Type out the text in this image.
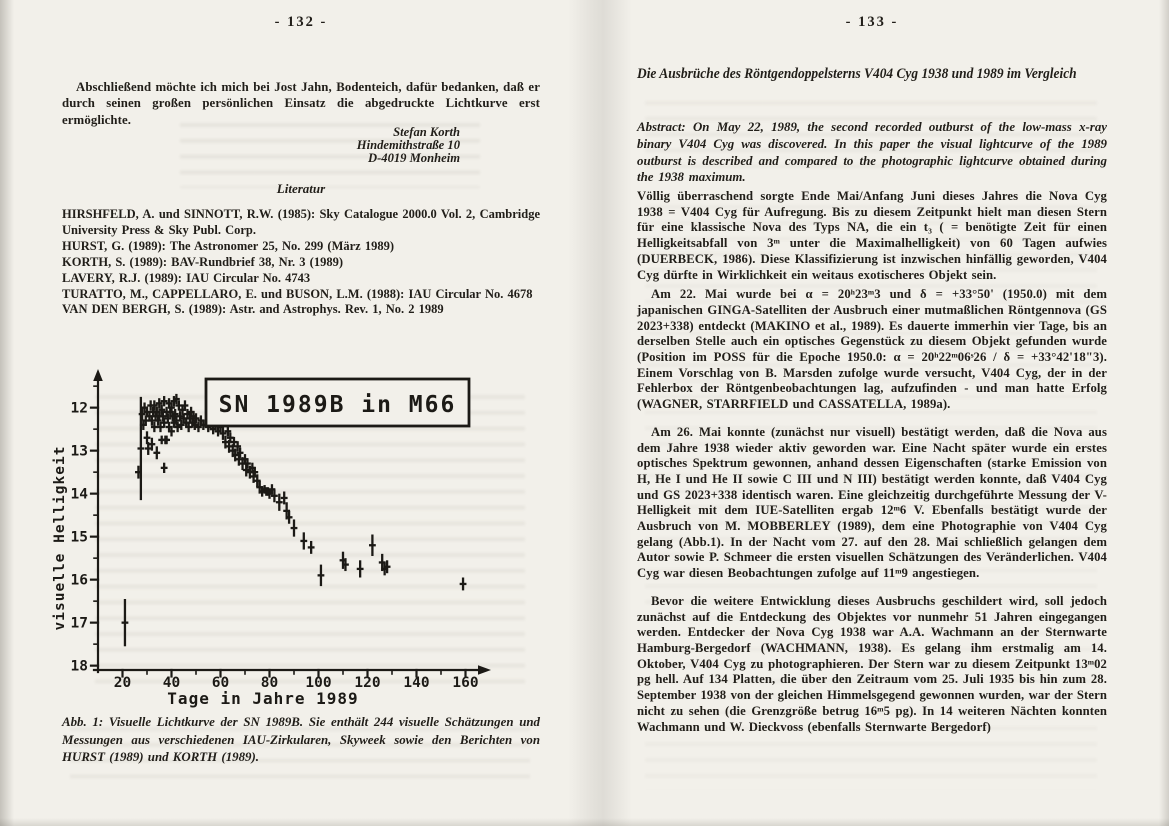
- 132 -
Abschließend möchte ich mich bei Jost Jahn, Bodenteich, dafür bedanken, daß er durch seinen großen persönlichen Einsatz die abgedruckte Lichtkurve erst ermöglichte.
Stefan Korth
Hindemithstraße 10
D-4019 Monheim
Literatur
HIRSHFELD, A. und SINNOTT, R.W. (1985): Sky Catalogue 2000.0 Vol. 2, Cambridge University Press & Sky Publ. Corp.
HURST, G. (1989): The Astronomer 25, No. 299 (März 1989)
KORTH, S. (1989): BAV-Rundbrief 38, Nr. 3 (1989)
LAVERY, R.J. (1989): IAU Circular No. 4743
TURATTO, M., CAPPELLARO, E. und BUSON, L.M. (1988): IAU Circular No. 4678
VAN DEN BERGH, S. (1989): Astr. and Astrophys. Rev. 1, No. 2 1989
Abb. 1: Visuelle Lichtkurve der SN 1989B. Sie enthält 244 visuelle Schätzungen und Messungen aus verschiedenen IAU-Zirkularen, Skyweek sowie den Berichten von HURST (1989) und KORTH (1989).
20 40 60 80 100 120 140 160
12
13
14
15
16
17
18
Tage in Jahre 1989
visuelle Helligkeit
SN 1989B in M66
- 133 -
Die Ausbrüche des Röntgendoppelsterns V404 Cyg 1938 und 1989 im Vergleich
Abstract: On May 22, 1989, the second recorded outburst of the low-mass x-ray binary V404 Cyg was discovered. In this paper the visual lightcurve of the 1989 outburst is described and compared to the photographic lightcurve obtained during the 1938 maximum.

Völlig überraschend sorgte Ende Mai/Anfang Juni dieses Jahres die Nova Cyg 1938 = V404 Cyg für Aufregung. Bis zu diesem Zeitpunkt hielt man diesen Stern für eine klassische Nova des Typs NA, die ein t₃ ( = benötigte Zeit für einen Helligkeitsabfall von 3ᵐ unter die Maximalhelligkeit) von 60 Tagen aufwies (DUERBECK, 1986). Diese Klassifizierung ist inzwischen hinfällig geworden, V404 Cyg dürfte in Wirklichkeit ein weitaus exotischeres Objekt sein.

Am 22. Mai wurde bei α = 20ʰ23ᵐ3 und δ = +33°50' (1950.0) mit dem japanischen GINGA-Satelliten der Ausbruch einer mutmaßlichen Röntgennova (GS 2023+338) entdeckt (MAKINO et al., 1989). Es dauerte immerhin vier Tage, bis an derselben Stelle auch ein optisches Gegenstück zu diesem Objekt gefunden wurde (Position im POSS für die Epoche 1950.0: α = 20ʰ22ᵐ06ˢ26 / δ = +33°42'18"3). Einem Vorschlag von B. Marsden zufolge wurde versucht, V404 Cyg, der in der Fehlerbox der Röntgenbeobachtungen lag, aufzufinden - und man hatte Erfolg (WAGNER, STARRFIELD und CASSATELLA, 1989a).

Am 26. Mai konnte (zunächst nur visuell) bestätigt werden, daß die Nova aus dem Jahre 1938 wieder aktiv geworden war. Eine Nacht später wurde ein erstes optisches Spektrum gewonnen, anhand dessen Eigenschaften (starke Emission von H, He I und He II sowie C III und N III) bestätigt werden konnte, daß V404 Cyg und GS 2023+338 identisch waren. Eine gleichzeitig durchgeführte Messung der V-Helligkeit mit dem IUE-Satelliten ergab 12ᵐ6 V. Ebenfalls bestätigt wurde der Ausbruch von M. MOBBERLEY (1989), dem eine Photographie von V404 Cyg gelang (Abb.1). In der Nacht vom 27. auf den 28. Mai schließlich gelangen dem Autor sowie P. Schmeer die ersten visuellen Schätzungen des Veränderlichen. V404 Cyg war diesen Beobachtungen zufolge auf 11ᵐ9 angestiegen.

Bevor die weitere Entwicklung dieses Ausbruchs geschildert wird, soll jedoch zunächst auf die Entdeckung des Objektes vor nunmehr 51 Jahren eingegangen werden. Entdecker der Nova Cyg 1938 war A.A. Wachmann an der Sternwarte Hamburg-Bergedorf (WACHMANN, 1938). Es gelang ihm erstmalig am 14. Oktober, V404 Cyg zu photographieren. Der Stern war zu diesem Zeitpunkt 13ᵐ02 pg hell. Auf 134 Platten, die über den Zeitraum vom 25. Juli 1935 bis hin zum 28. September 1938 von der gleichen Himmelsgegend gewonnen wurden, war der Stern nicht zu sehen (die Grenzgröße betrug 16ᵐ5 pg). In 14 weiteren Nächten konnten Wachmann und W. Dieckvoss (ebenfalls Sternwarte Bergedorf)
